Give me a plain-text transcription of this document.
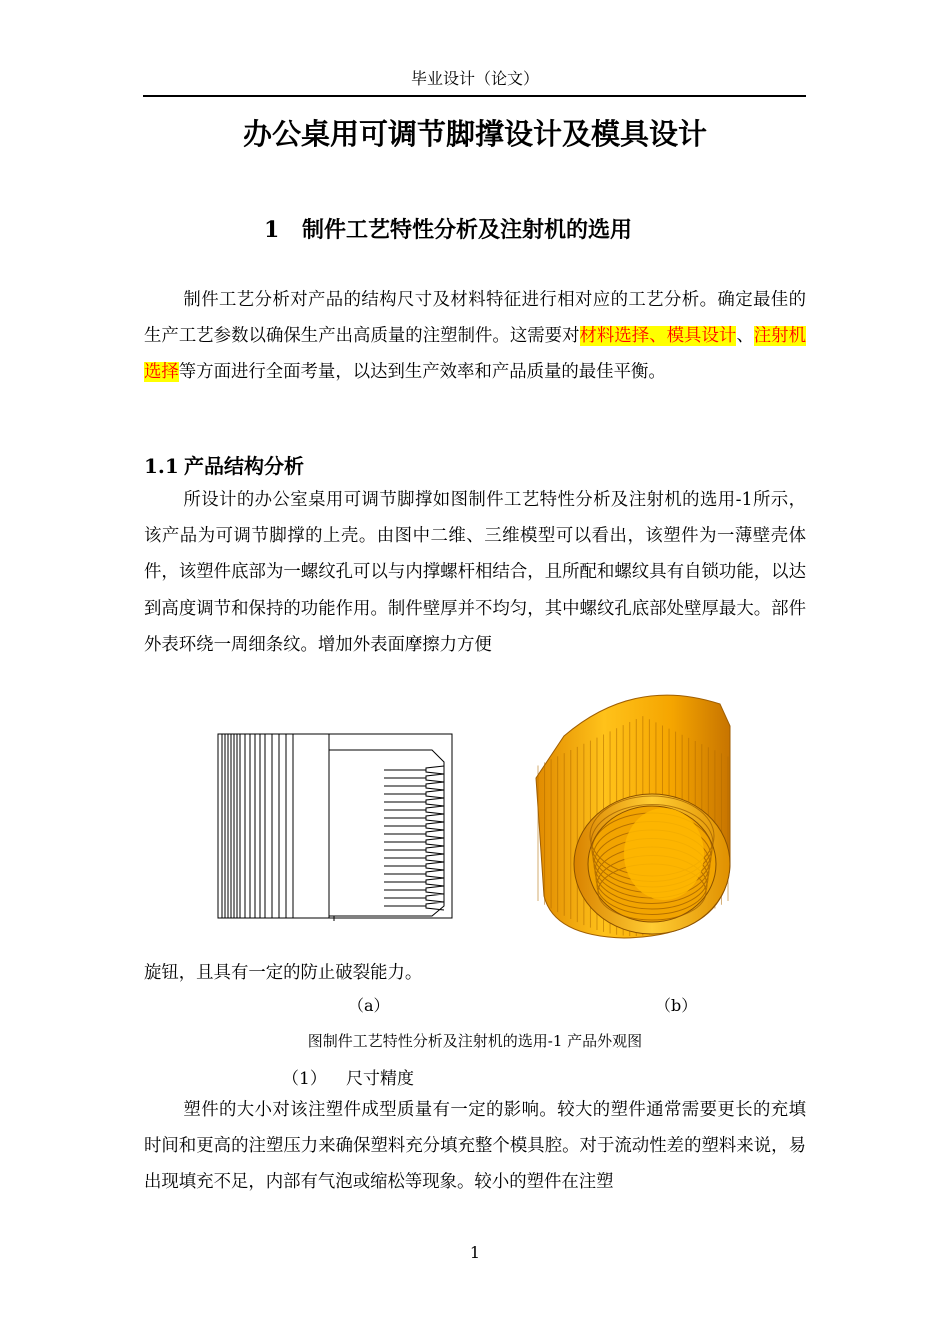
毕业设计（论文）
办公桌用可调节脚撑设计及模具设计
1 制件工艺特性分析及注射机的选用
制件工艺分析对产品的结构尺寸及材料特征进行相对应的工艺分析。确定最佳的生产工艺参数以确保生产出高质量的注塑制件。这需要对材料选择、模具设计、注射机选择等方面进行全面考量，以达到生产效率和产品质量的最佳平衡。
1.1 产品结构分析
所设计的办公室桌用可调节脚撑如图制件工艺特性分析及注射机的选用-1所示，该产品为可调节脚撑的上壳。由图中二维、三维模型可以看出，该塑件为一薄壁壳体件，该塑件底部为一螺纹孔可以与内撑螺杆相结合，且所配和螺纹具有自锁功能，以达到高度调节和保持的功能作用。制件壁厚并不均匀，其中螺纹孔底部处壁厚最大。部件外表环绕一周细条纹。增加外表面摩擦力方便
旋钮，且具有一定的防止破裂能力。
（a）	（b）
图制件工艺特性分析及注射机的选用-1 产品外观图
（1） 尺寸精度
塑件的大小对该注塑件成型质量有一定的影响。较大的塑件通常需要更长的充填时间和更高的注塑压力来确保塑料充分填充整个模具腔。对于流动性差的塑料来说，易出现填充不足，内部有气泡或缩松等现象。较小的塑件在注塑
1
